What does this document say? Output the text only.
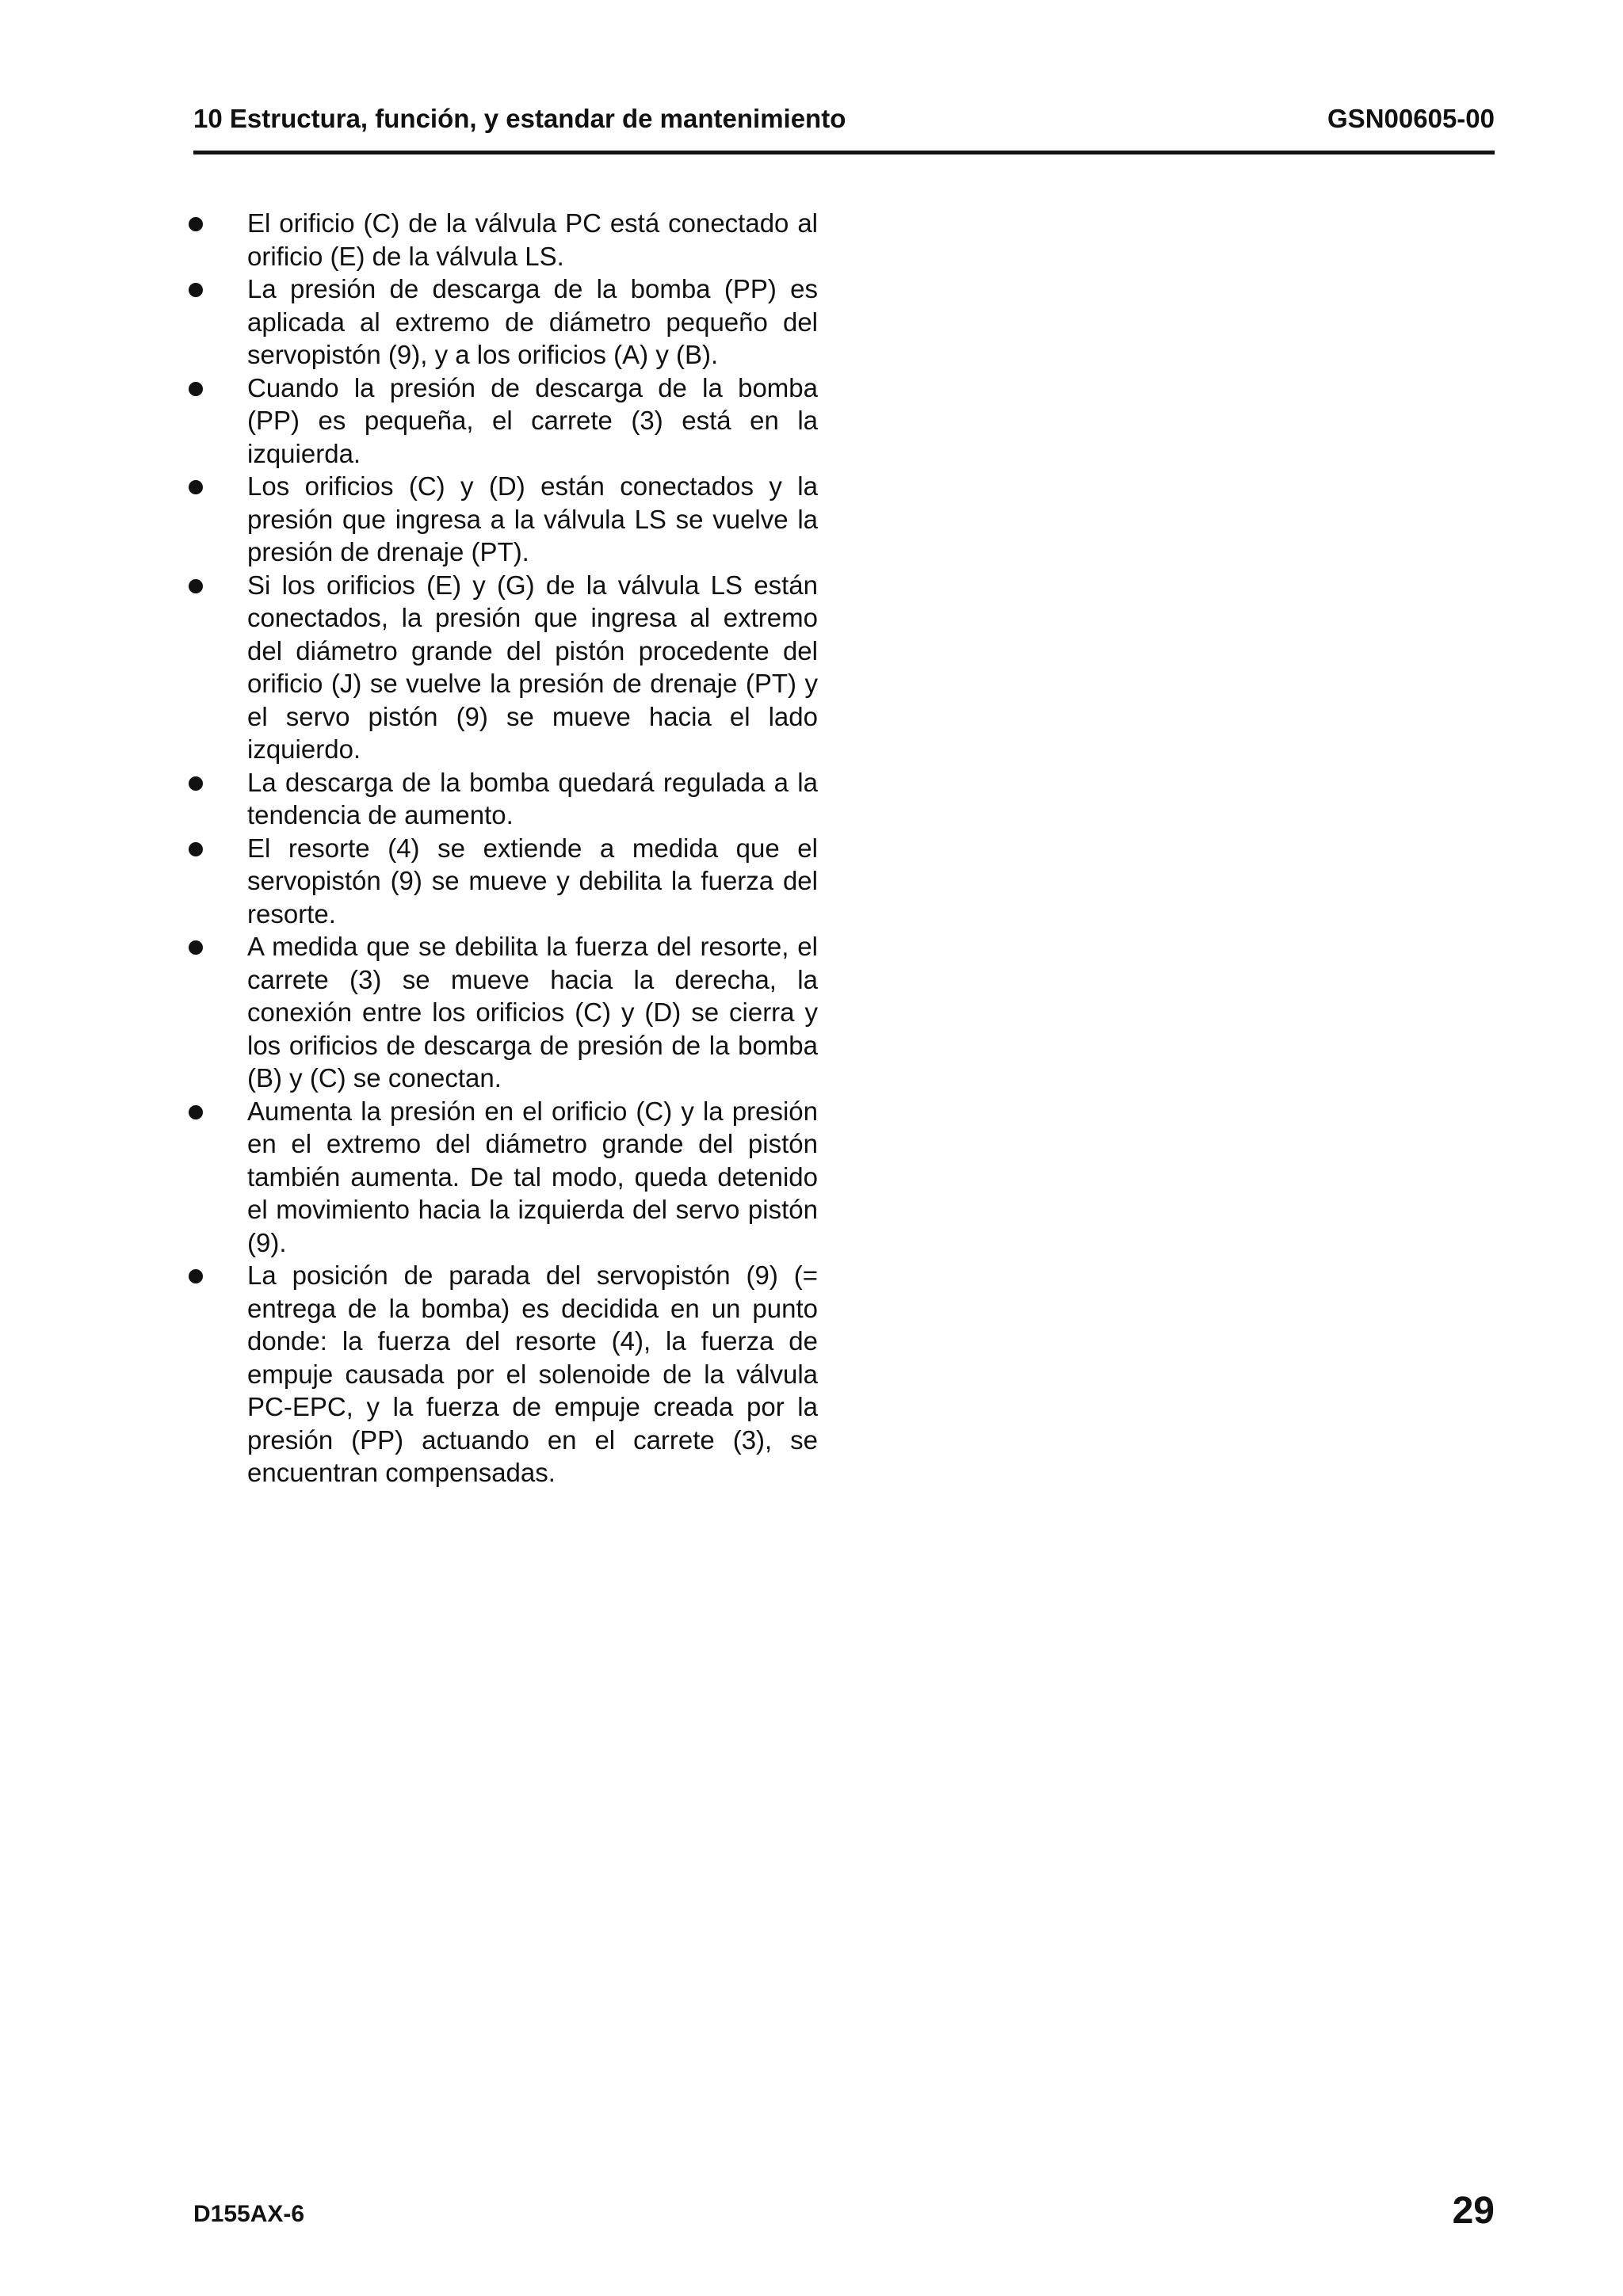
10 Estructura, función, y estandar de mantenimiento	GSN00605-00
El orificio (C) de la válvula PC está conectado al orificio (E) de la válvula LS.
La presión de descarga de la bomba (PP) es aplicada al extremo de diámetro pequeño del servopistón (9), y a los orificios (A) y (B).
Cuando la presión de descarga de la bomba (PP) es pequeña, el carrete (3) está en la izquierda.
Los orificios (C) y (D) están conectados y la presión que ingresa a la válvula LS se vuelve la presión de drenaje (PT).
Si los orificios (E) y (G) de la válvula LS están conectados, la presión que ingresa al extremo del diámetro grande del pistón procedente del orificio (J) se vuelve la presión de drenaje (PT) y el servo pistón (9) se mueve hacia el lado izquierdo.
La descarga de la bomba quedará regulada a la tendencia de aumento.
El resorte (4) se extiende a medida que el servopistón (9) se mueve y debilita la fuerza del resorte.
A medida que se debilita la fuerza del resorte, el carrete (3) se mueve hacia la derecha, la conexión entre los orificios (C) y (D) se cierra y los orificios de descarga de presión de la bomba (B) y (C) se conectan.
Aumenta la presión en el orificio (C) y la presión en el extremo del diámetro grande del pistón también aumenta. De tal modo, queda detenido el movimiento hacia la izquierda del servo pistón (9).
La posición de parada del servopistón (9) (= entrega de la bomba) es decidida en un punto donde: la fuerza del resorte (4), la fuerza de empuje causada por el solenoide de la válvula PC-EPC, y la fuerza de empuje creada por la presión (PP) actuando en el carrete (3), se encuentran compensadas.
D155AX-6	29
